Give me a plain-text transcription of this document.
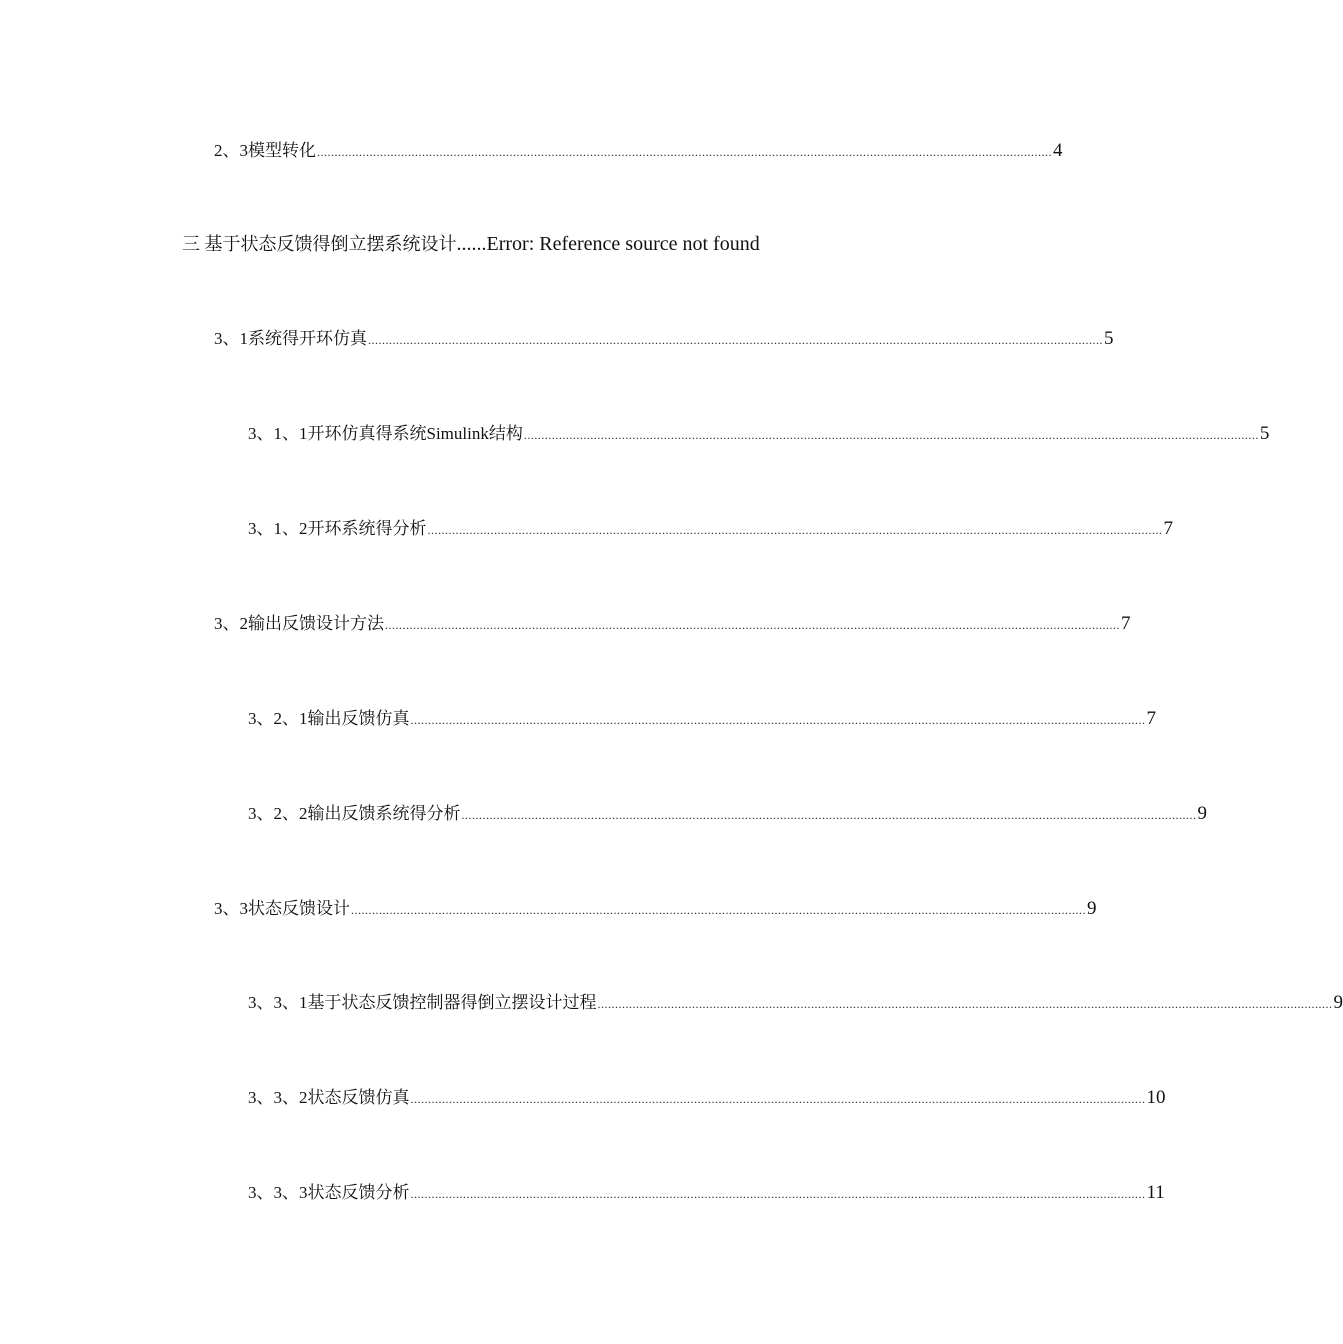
2、3模型转化 .................................................................................................................................................................................................................. 4
三 基于状态反馈得倒立摆系统设计 ...... Error: Reference source not found
3、1系统得开环仿真 .................................................................................................................................................................................................................. 5
3、1、1开环仿真得系统Simulink结构 .................................................................................................................................................................................................................. 5
3、1、2开环系统得分析 .................................................................................................................................................................................................................. 7
3、2输出反馈设计方法 .................................................................................................................................................................................................................. 7
3、2、1输出反馈仿真 .................................................................................................................................................................................................................. 7
3、2、2输出反馈系统得分析 .................................................................................................................................................................................................................. 9
3、3状态反馈设计 .................................................................................................................................................................................................................. 9
3、3、1基于状态反馈控制器得倒立摆设计过程 .................................................................................................................................................................................................................. 9
3、3、2状态反馈仿真 .................................................................................................................................................................................................................. 10
3、3、3状态反馈分析 .................................................................................................................................................................................................................. 11
